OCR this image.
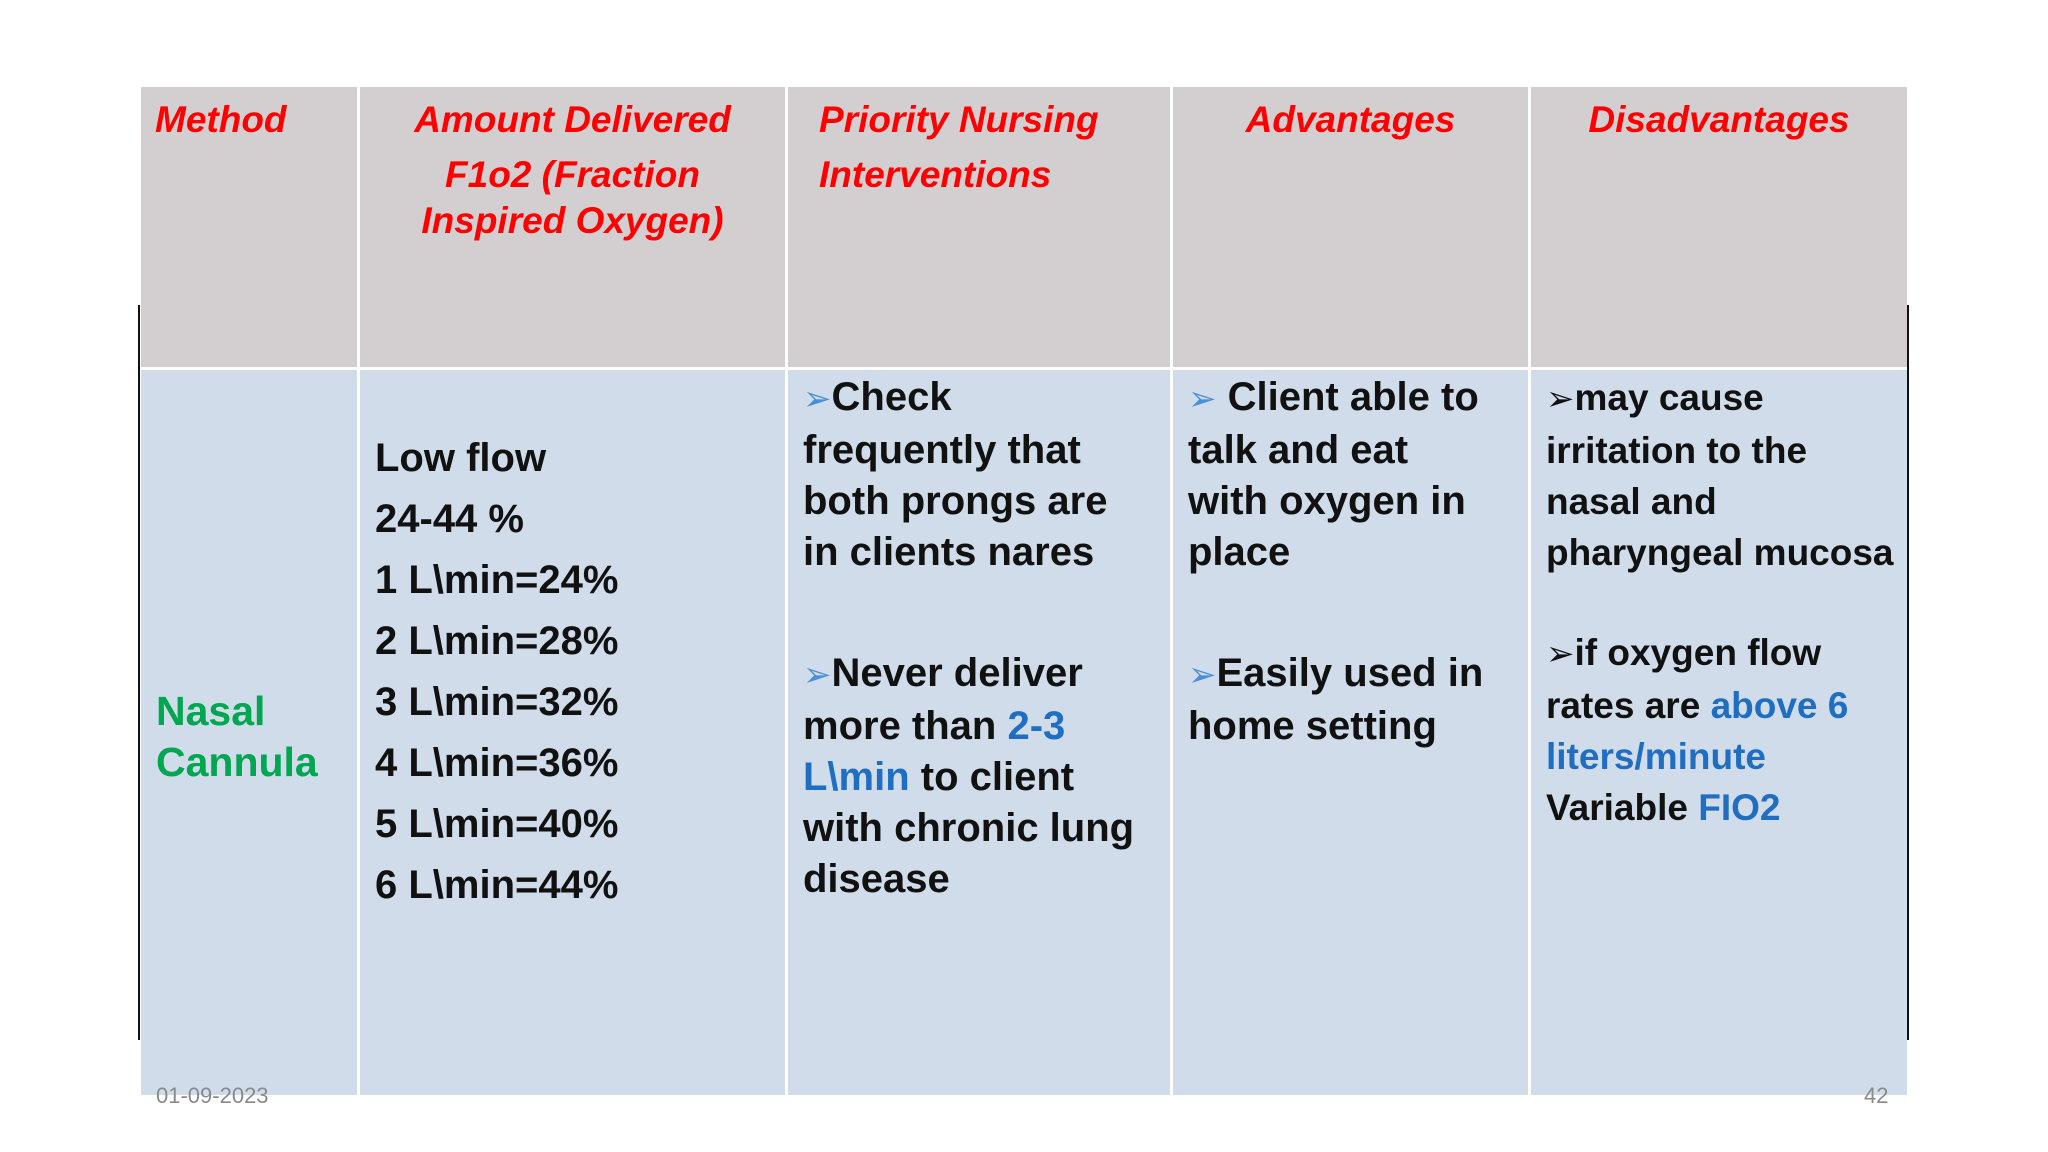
Method
Nasal
Cannula
Amount Delivered
F1o2 (Fraction
Inspired Oxygen)
Low flow
24-44 %
1 L\min=24%
2 L\min=28%
3 L\min=32%
4 L\min=36%
5 L\min=40%
6 L\min=44%
Priority Nursing
Interventions
➢Check
frequently that
both prongs are
in clients nares
➢Never deliver
more than 2-3
L\min to client
with chronic lung
disease
Advantages
➢ Client able to
talk and eat
with oxygen in
place
➢Easily used in
home setting
Disadvantages
➢may cause
irritation to the
nasal and
pharyngeal mucosa
➢if oxygen flow
rates are above 6
liters/minute
Variable FIO2
01-09-2023	42
